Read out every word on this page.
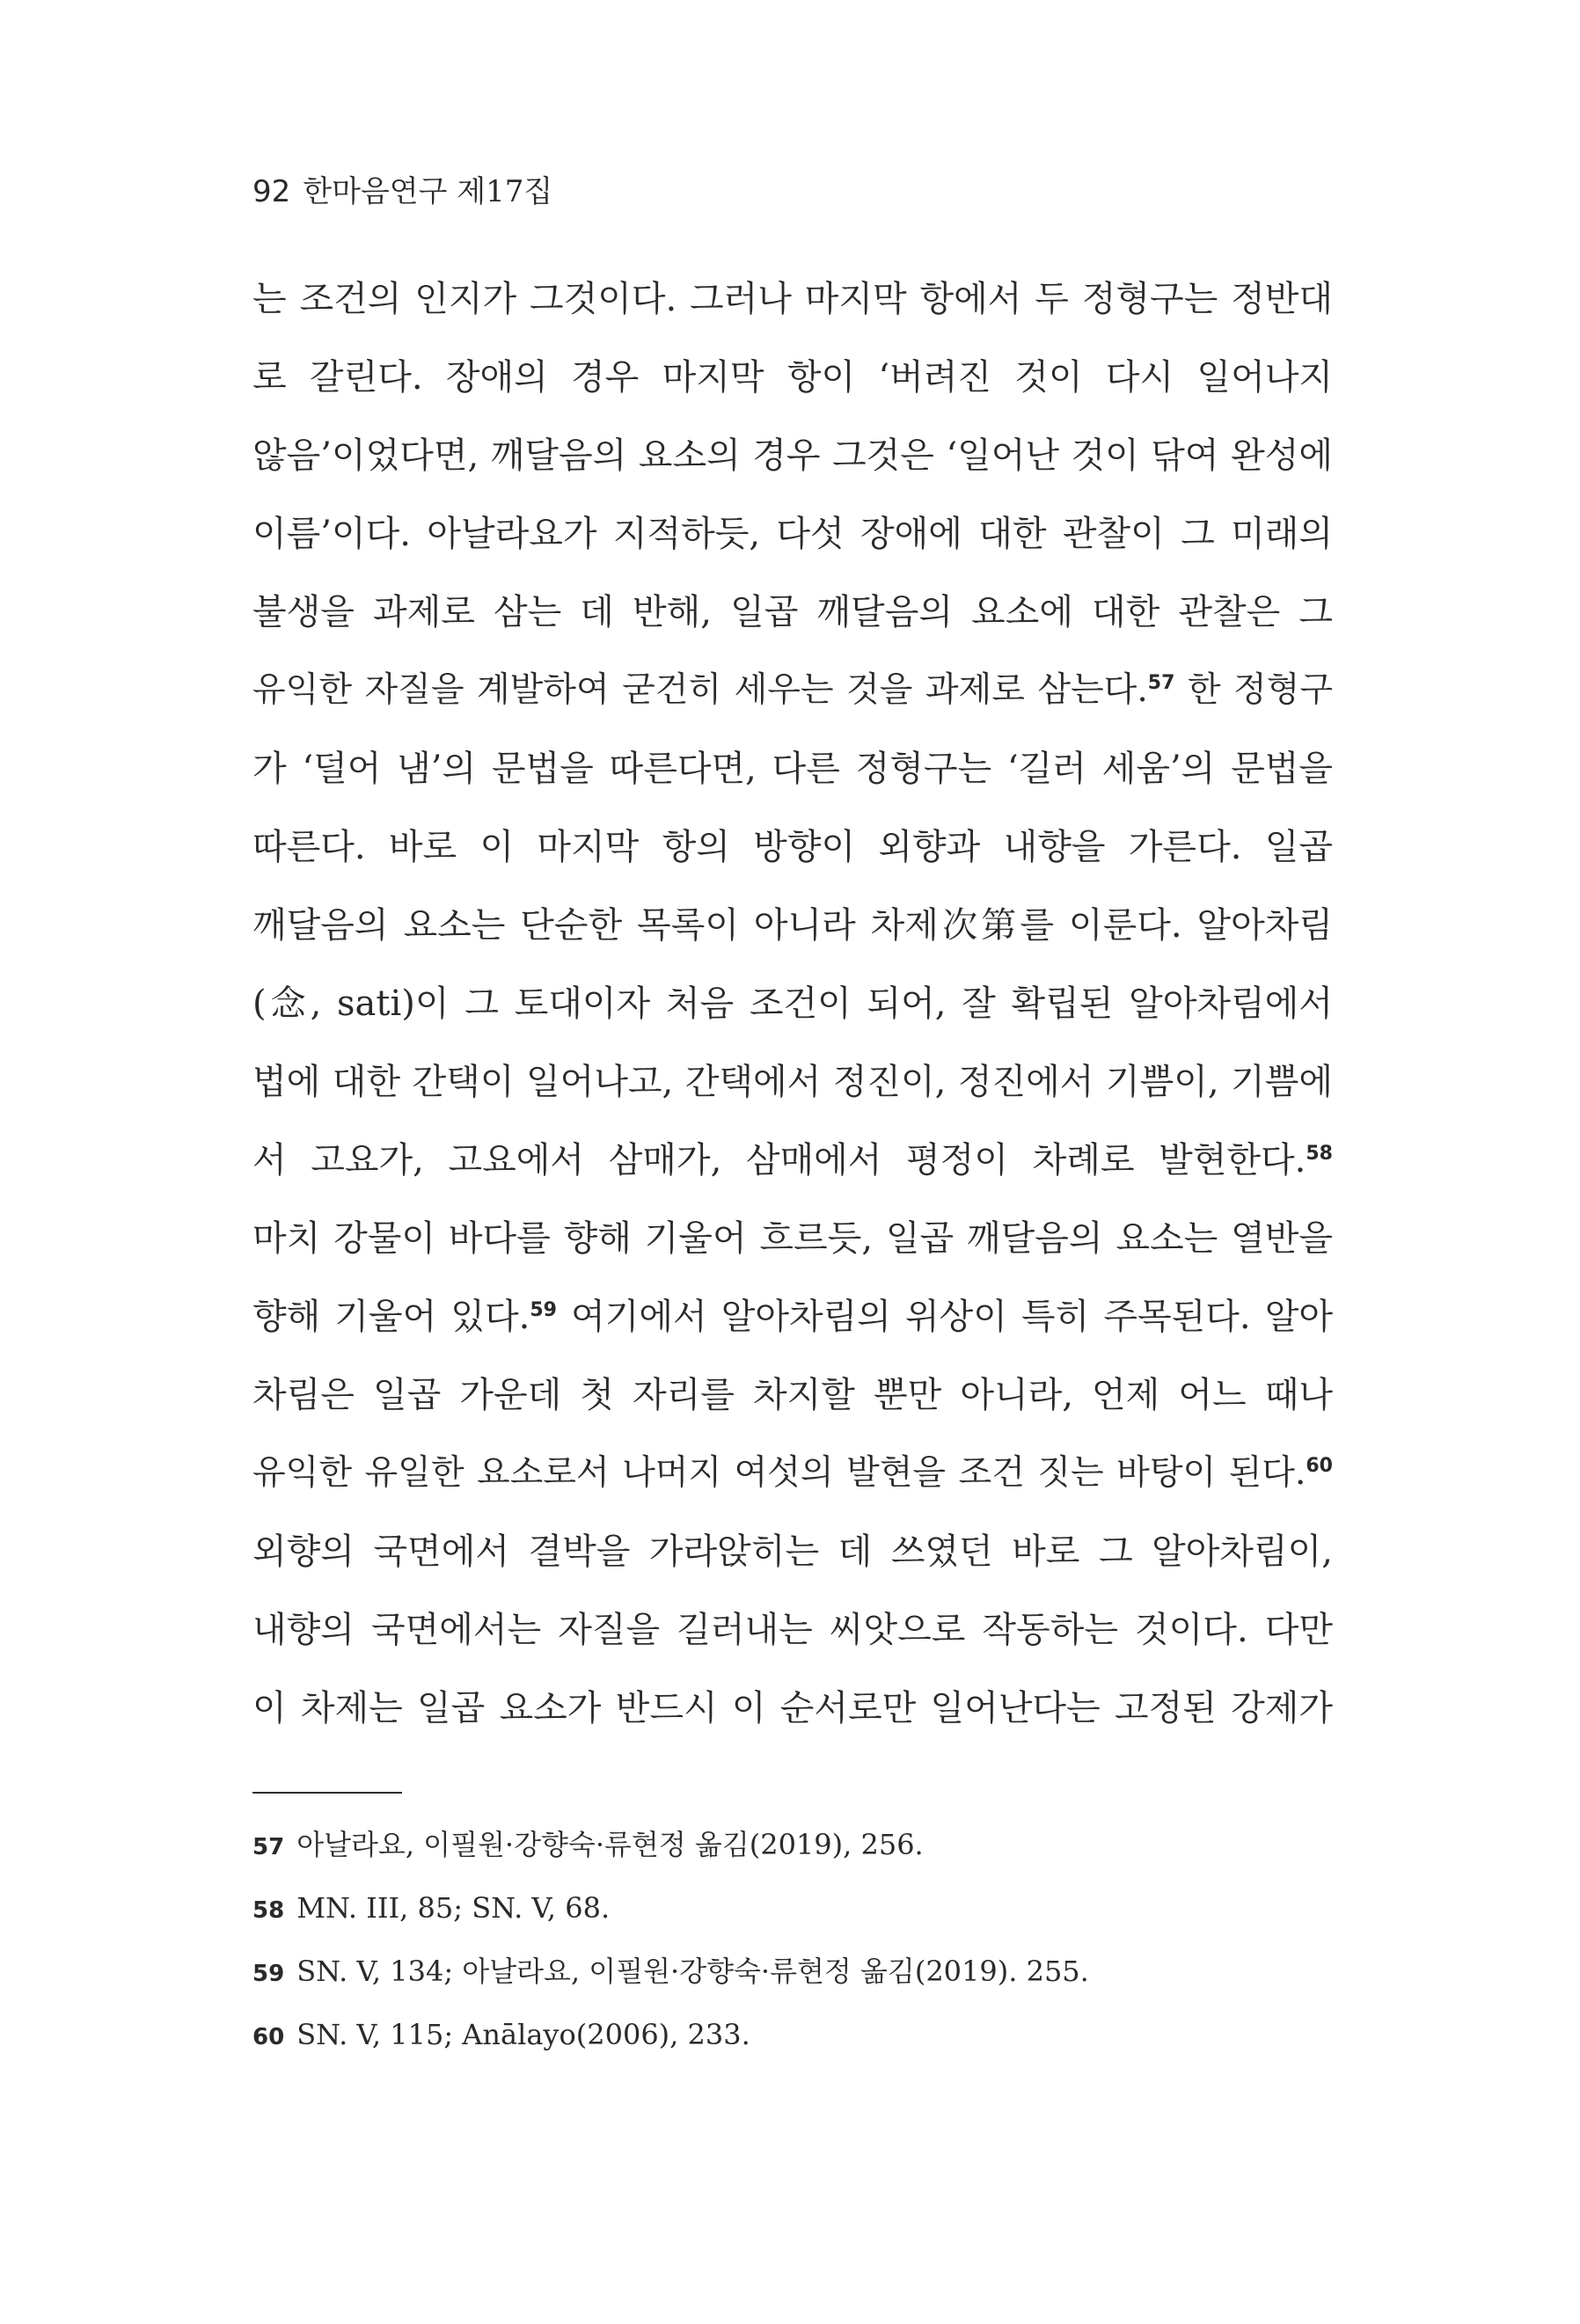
92 한마음연구 제17집
는 조건의 인지가 그것이다. 그러나 마지막 항에서 두 정형구는 정반대
로 갈린다. 장애의 경우 마지막 항이 ‘버려진 것이 다시 일어나지
않음’이었다면, 깨달음의 요소의 경우 그것은 ‘일어난 것이 닦여 완성에
이름’이다. 아날라요가 지적하듯, 다섯 장애에 대한 관찰이 그 미래의
불생을 과제로 삼는 데 반해, 일곱 깨달음의 요소에 대한 관찰은 그
유익한 자질을 계발하여 굳건히 세우는 것을 과제로 삼는다.$^{57}$ 한 정형구
가 ‘덜어 냄’의 문법을 따른다면, 다른 정형구는 ‘길러 세움’의 문법을
따른다. 바로 이 마지막 항의 방향이 외향과 내향을 가른다. 일곱
깨달음의 요소는 단순한 목록이 아니라 차제次第를 이룬다. 알아차림
(念, sati)이 그 토대이자 처음 조건이 되어, 잘 확립된 알아차림에서
법에 대한 간택이 일어나고, 간택에서 정진이, 정진에서 기쁨이, 기쁨에
서 고요가, 고요에서 삼매가, 삼매에서 평정이 차례로 발현한다.$^{58}$
마치 강물이 바다를 향해 기울어 흐르듯, 일곱 깨달음의 요소는 열반을
향해 기울어 있다.$^{59}$ 여기에서 알아차림의 위상이 특히 주목된다. 알아
차림은 일곱 가운데 첫 자리를 차지할 뿐만 아니라, 언제 어느 때나
유익한 유일한 요소로서 나머지 여섯의 발현을 조건 짓는 바탕이 된다.$^{60}$
외향의 국면에서 결박을 가라앉히는 데 쓰였던 바로 그 알아차림이,
내향의 국면에서는 자질을 길러내는 씨앗으로 작동하는 것이다. 다만
이 차제는 일곱 요소가 반드시 이 순서로만 일어난다는 고정된 강제가
57 아날라요, 이필원·강향숙·류현정 옮김(2019), 256.
58 MN. III, 85; SN. V, 68.
59 SN. V, 134; 아날라요, 이필원·강향숙·류현정 옮김(2019). 255.
60 SN. V, 115; Anālayo(2006), 233.
